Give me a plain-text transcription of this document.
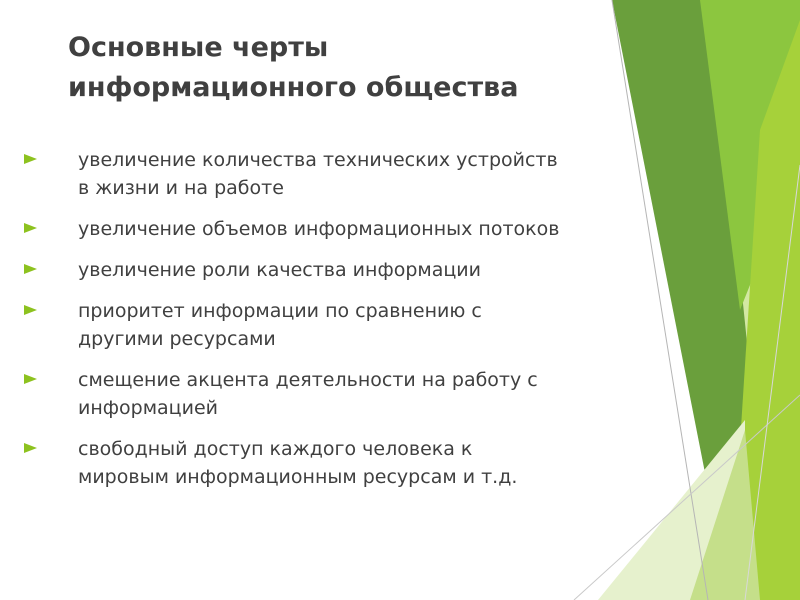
Основные черты
информационного общества
увеличение количества технических устройств
в жизни и на работе
увеличение объемов информационных потоков
увеличение роли качества информации
приоритет информации по сравнению с
другими ресурсами
смещение акцента деятельности на работу с
информацией
свободный доступ каждого человека к
мировым информационным ресурсам и т.д.
